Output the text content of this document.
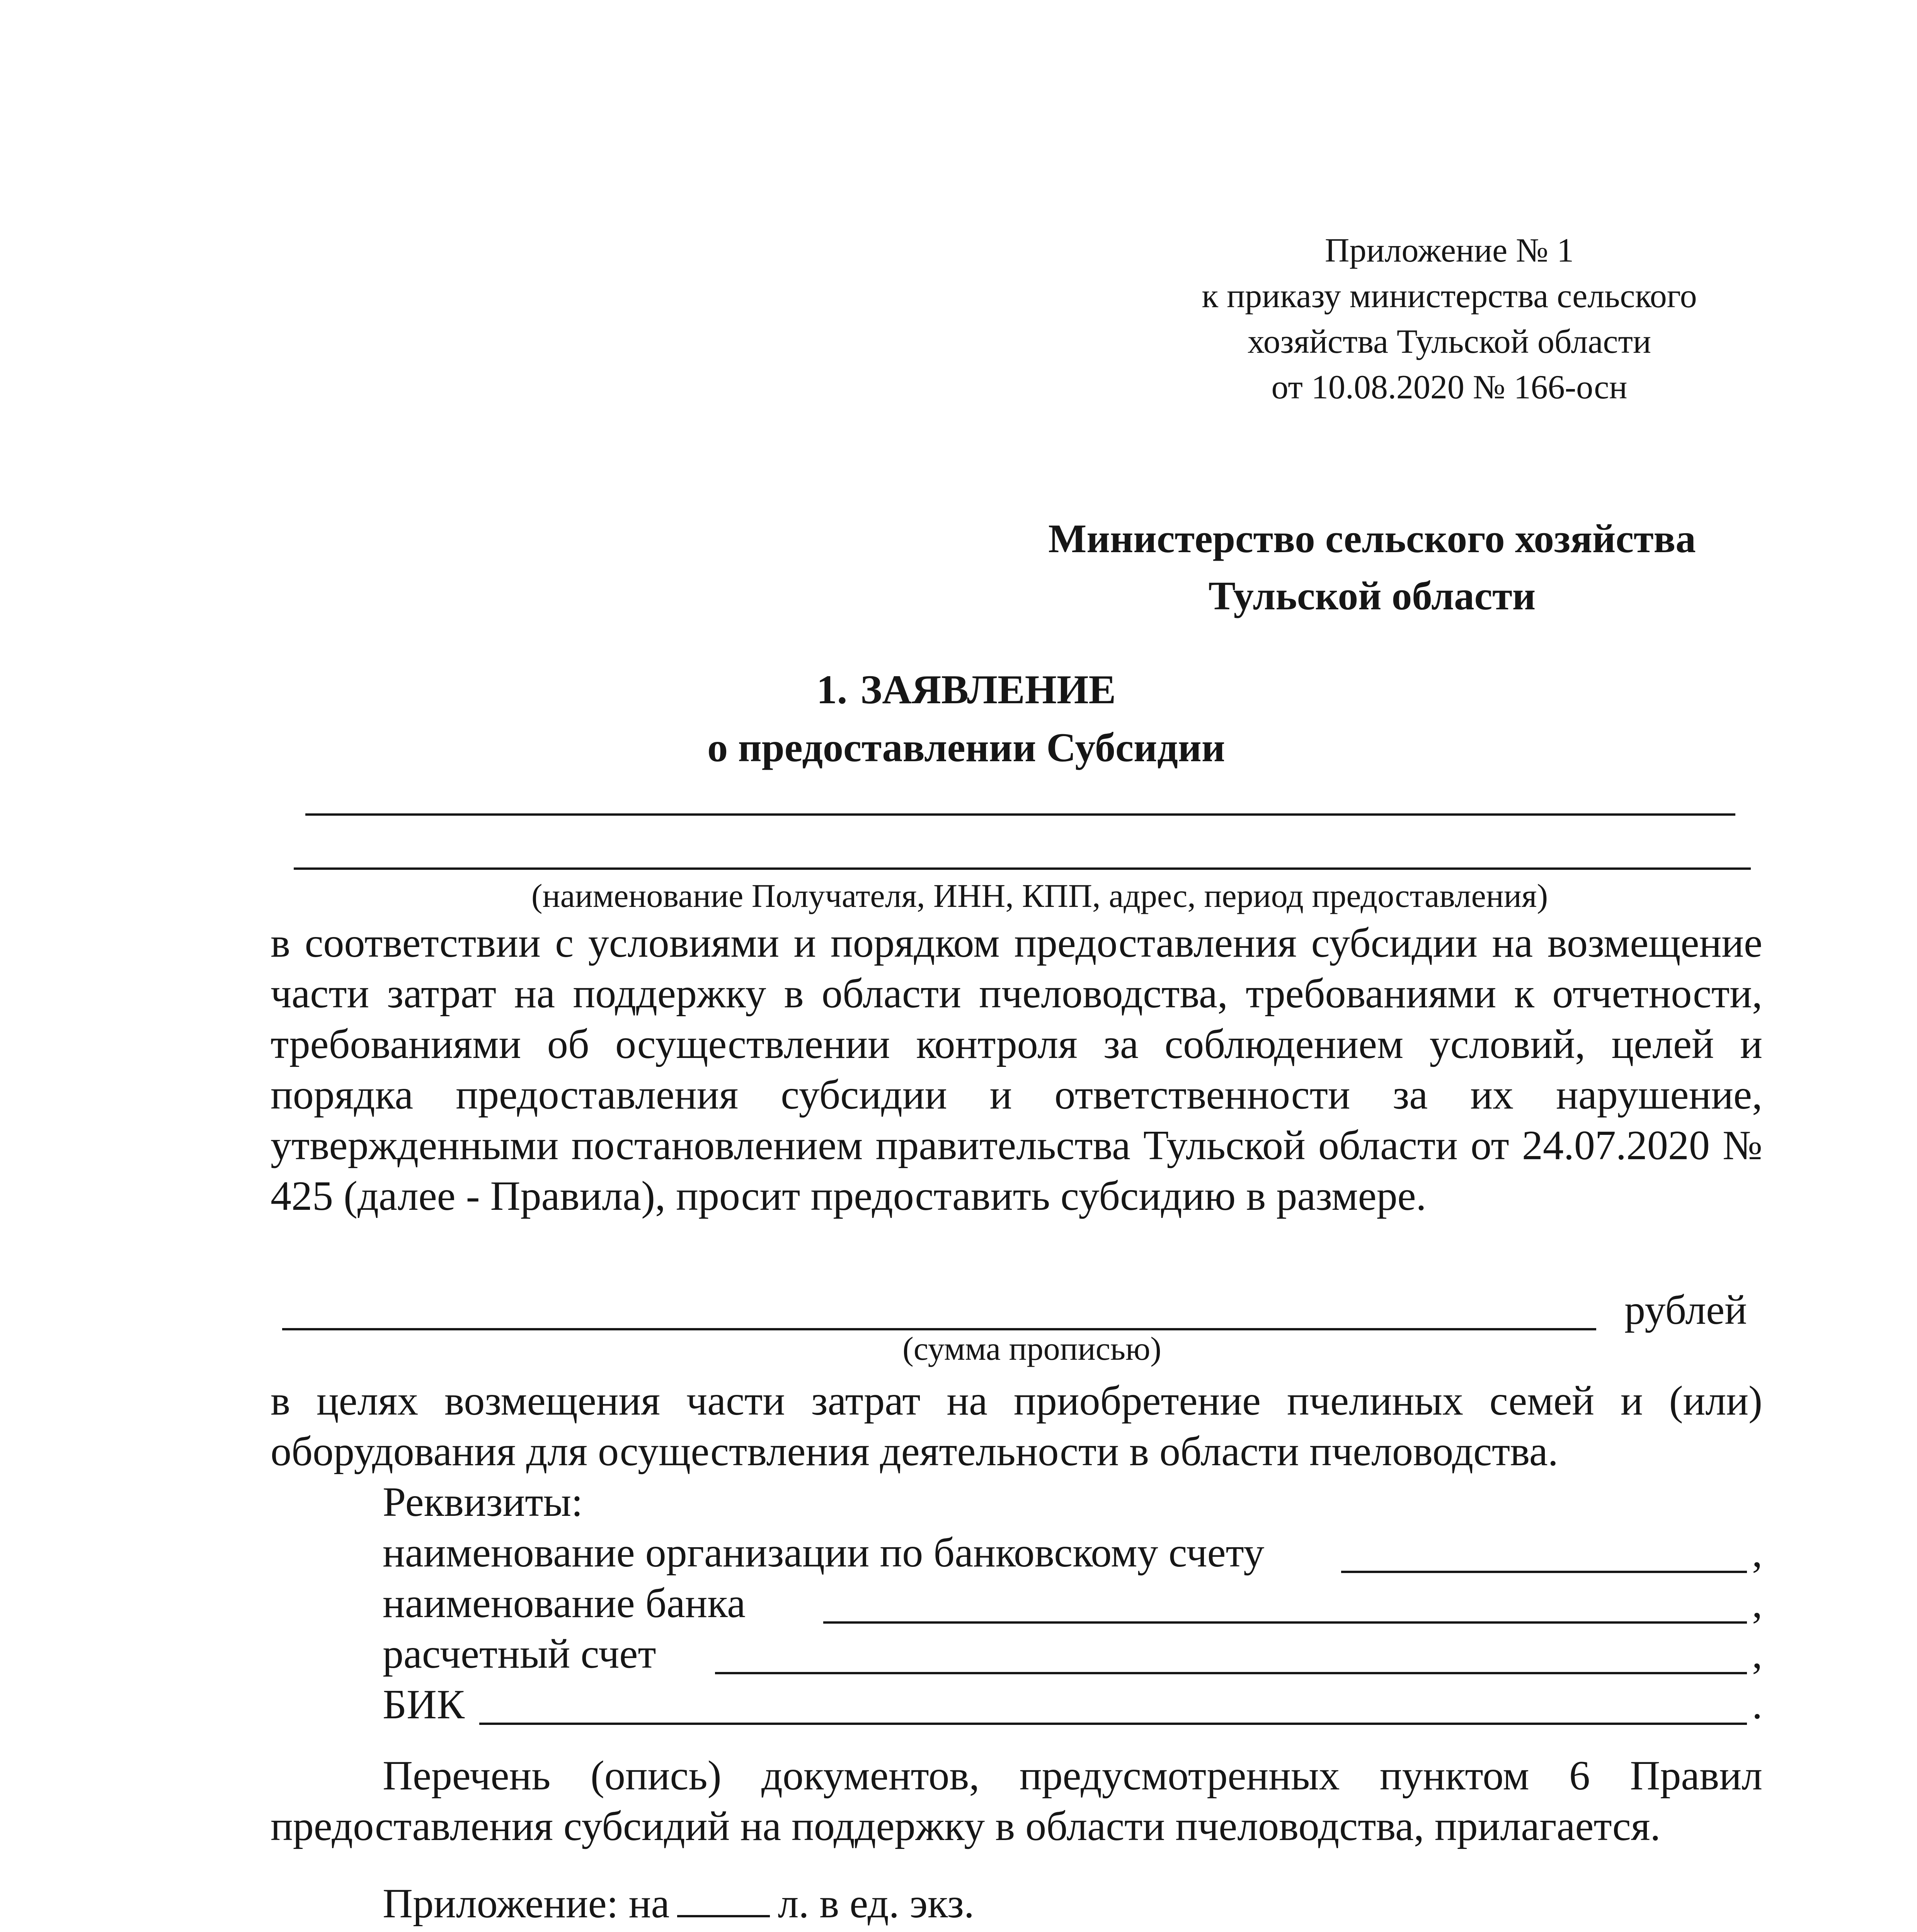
Приложение № 1
к приказу министерства сельского
хозяйства Тульской области
от 10.08.2020 № 166-осн
Министерство сельского хозяйства
Тульской области
1. ЗАЯВЛЕНИЕ
о предоставлении Субсидии
(наименование Получателя, ИНН, КПП, адрес, период предоставления)
в соответствии с условиями и порядком предоставления субсидии на возмещение части затрат на поддержку в области пчеловодства, требованиями к отчетности, требованиями об осуществлении контроля за соблюдением условий, целей и порядка предоставления субсидии и ответственности за их нарушение, утвержденными постановлением правительства Тульской области от 24.07.2020 № 425 (далее - Правила), просит предоставить субсидию в размере.
рублей
(сумма прописью)
в целях возмещения части затрат на приобретение пчелиных семей и (или) оборудования для осуществления деятельности в области пчеловодства.
Реквизиты:
наименование организации по банковскому счету	,
наименование банка	,
расчетный счет	,
БИК	.
Перечень (опись) документов, предусмотренных пунктом 6 Правил предоставления субсидий на поддержку в области пчеловодства, прилагается.
Приложение: на	л. в ед. экз.
